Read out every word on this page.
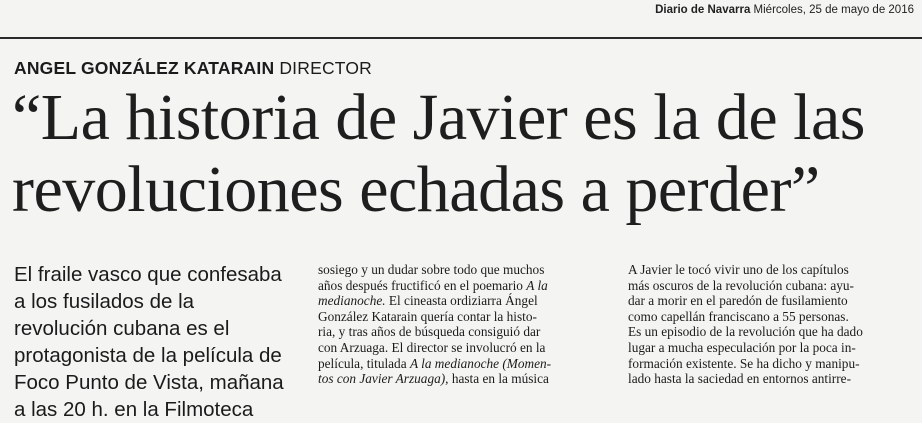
Diario de Navarra Miércoles, 25 de mayo de 2016
ANGEL GONZÁLEZ KATARAIN DIRECTOR
“La historia de Javier es la de las
revoluciones echadas a perder”
El fraile vasco que confesaba
a los fusilados de la
revolución cubana es el
protagonista de la película de
Foco Punto de Vista, mañana
a las 20 h. en la Filmoteca
sosiego y un dudar sobre todo que muchos
años después fructificó en el poemario A la
medianoche. El cineasta ordiziarra Ángel
González Katarain quería contar la histo-
ria, y tras años de búsqueda consiguió dar
con Arzuaga. El director se involucró en la
película, titulada A la medianoche (Momen-
tos con Javier Arzuaga), hasta en la música
A Javier le tocó vivir uno de los capítulos
más oscuros de la revolución cubana: ayu-
dar a morir en el paredón de fusilamiento
como capellán franciscano a 55 personas.
Es un episodio de la revolución que ha dado
lugar a mucha especulación por la poca in-
formación existente. Se ha dicho y manipu-
lado hasta la saciedad en entornos antirre-
